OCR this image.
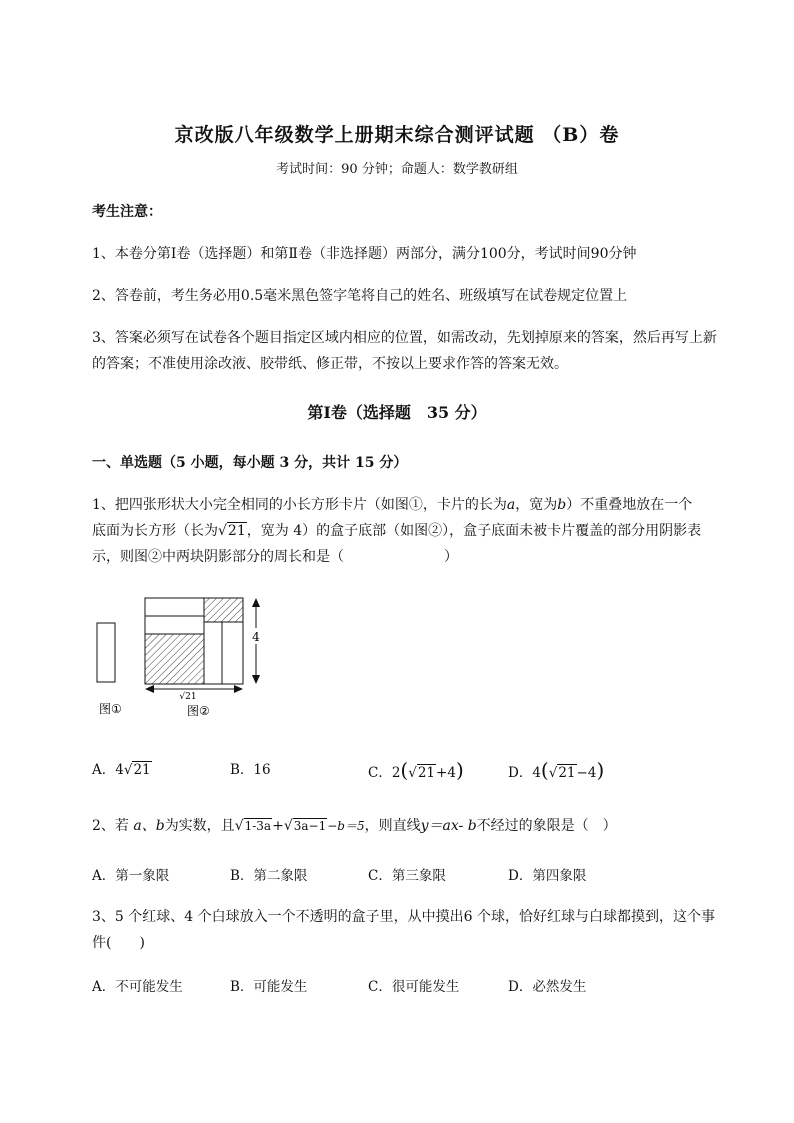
京改版八年级数学上册期末综合测评试题 （B）卷
考试时间：90 分钟；命题人：数学教研组
考生注意：
1、本卷分第Ⅰ卷（选择题）和第Ⅱ卷（非选择题）两部分，满分100分，考试时间90分钟
2、答卷前，考生务必用0.5毫米黑色签字笔将自己的姓名、班级填写在试卷规定位置上
3、答案必须写在试卷各个题目指定区域内相应的位置，如需改动，先划掉原来的答案，然后再写上新
的答案；不准使用涂改液、胶带纸、修正带，不按以上要求作答的答案无效。
第Ⅰ卷（选择题　35 分）
一、单选题（5 小题，每小题 3 分，共计 15 分）
1、把四张形状大小完全相同的小长方形卡片（如图①，卡片的长为a，宽为b）不重叠地放在一个
底面为长方形（长为√21，宽为 4）的盒子底部（如图②），盒子底面未被卡片覆盖的部分用阴影表
示，则图②中两块阴影部分的周长和是（	）
4
√21
图①	图②
A．4√21	B．16	C．2(√21+4)	D．4(√21−4)
2、若 a、b为实数，且√1-3a+√3a−1−b＝5，则直线y＝ax- b不经过的象限是（　）
A．第一象限	B．第二象限	C．第三象限	D．第四象限
3、5 个红球、4 个白球放入一个不透明的盒子里，从中摸出6 个球，恰好红球与白球都摸到，这个事
件(　　)
A．不可能发生	B．可能发生	C．很可能发生	D．必然发生
